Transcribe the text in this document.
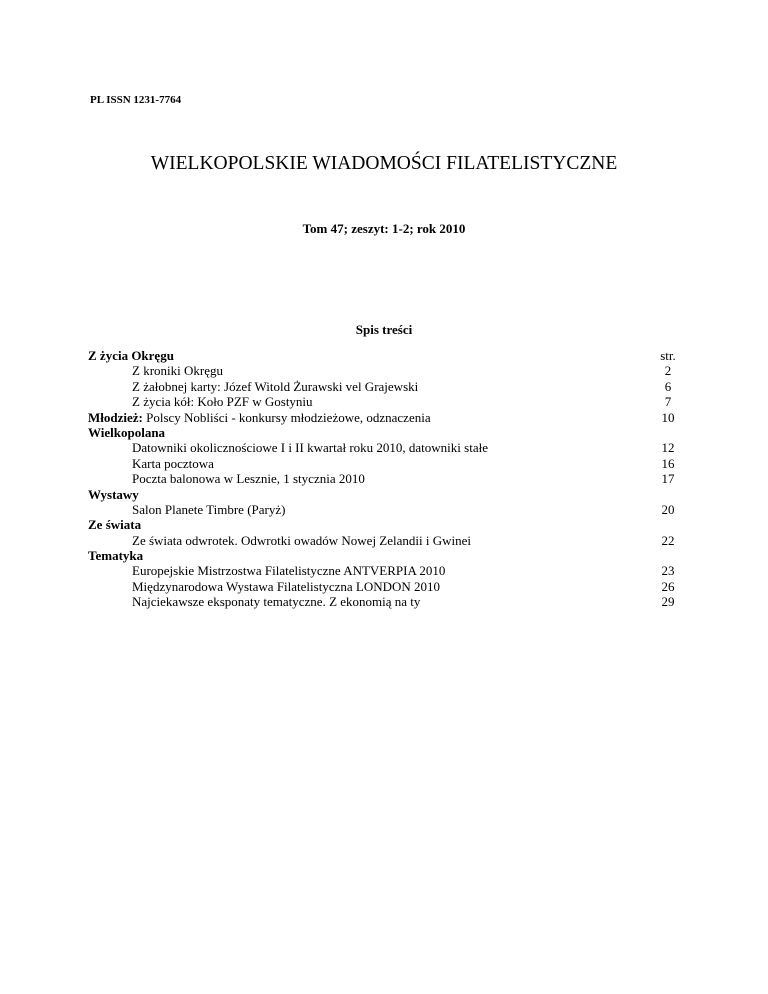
PL ISSN 1231-7764
WIELKOPOLSKIE WIADOMOŚCI FILATELISTYCZNE
Tom 47; zeszyt: 1-2; rok 2010
Spis treści
Z życia Okręgu	str.
Z kroniki Okręgu	2
Z żałobnej karty: Józef Witold Żurawski vel Grajewski	6
Z życia kół: Koło PZF w Gostyniu	7
Młodzież: Polscy Nobliści - konkursy młodzieżowe, odznaczenia	10
Wielkopolana
Datowniki okolicznościowe I i II kwartał roku 2010, datowniki stałe	12
Karta pocztowa	16
Poczta balonowa w Lesznie, 1 stycznia 2010	17
Wystawy
Salon Planete Timbre (Paryż)	20
Ze świata
Ze świata odwrotek. Odwrotki owadów Nowej Zelandii i Gwinei	22
Tematyka
Europejskie Mistrzostwa Filatelistyczne ANTVERPIA 2010	23
Międzynarodowa Wystawa Filatelistyczna LONDON 2010	26
Najciekawsze eksponaty tematyczne. Z ekonomią na ty	29
